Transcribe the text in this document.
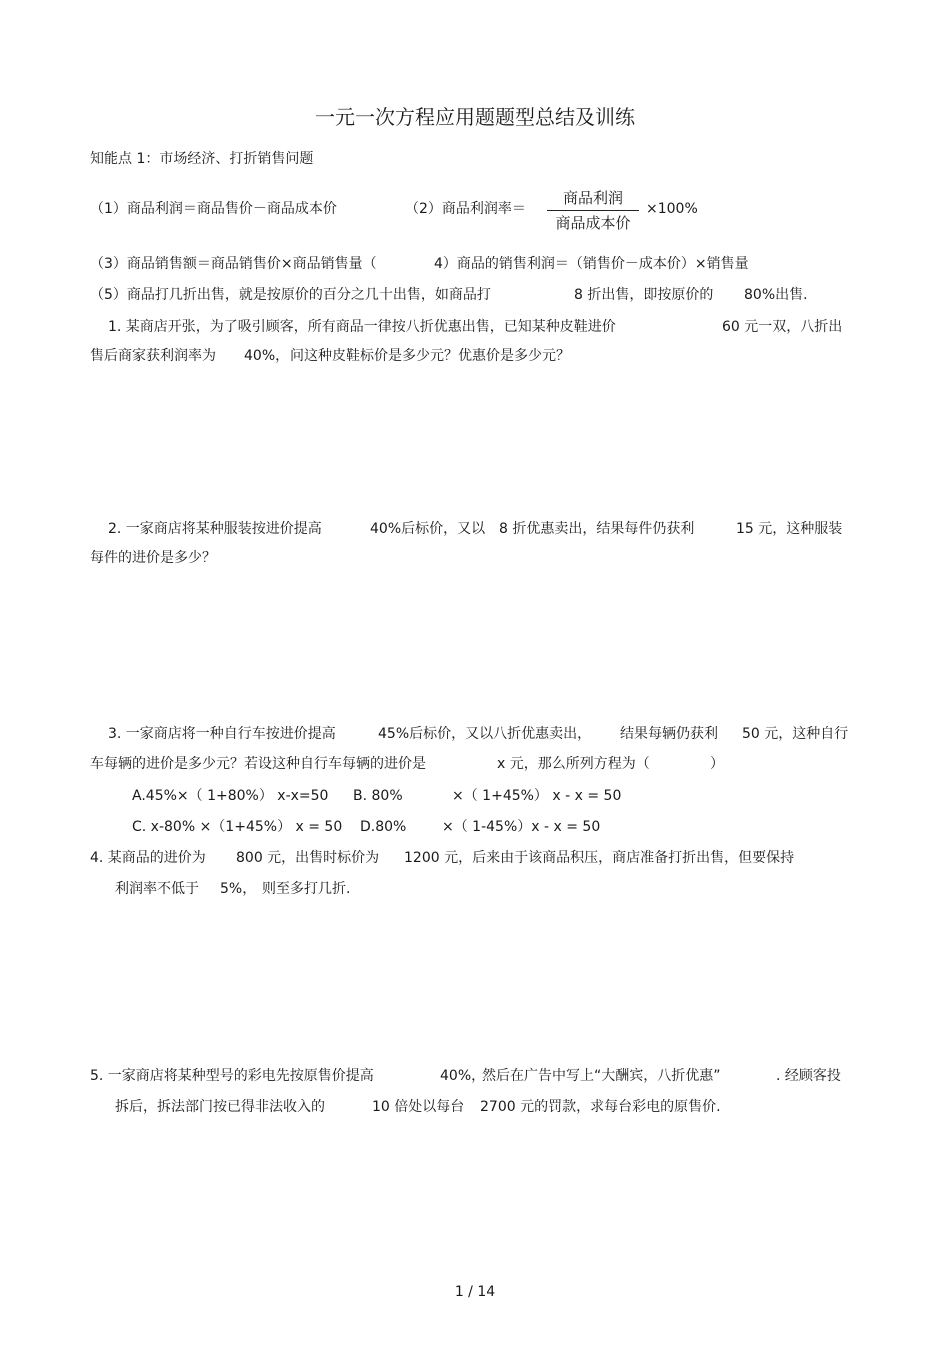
一元一次方程应用题题型总结及训练
知能点 1：市场经济、打折销售问题
（1）商品利润＝商品售价－商品成本价	（2）商品利润率＝
商品利润
商品成本价
×100%
（3）商品销售额＝商品销售价×商品销售量（	4）商品的销售利润＝（销售价－成本价）×销售量
（5）商品打几折出售，就是按原价的百分之几十出售，如商品打	8 折出售，即按原价的 80%出售.
1. 某商店开张，为了吸引顾客，所有商品一律按八折优惠出售，已知某种皮鞋进价	60 元一双，八折出
售后商家获利润率为 40%， 问这种皮鞋标价是多少元？优惠价是多少元？
2. 一家商店将某种服装按进价提高	40%后标价，又以 8 折优惠卖出，结果每件仍获利	15 元，这种服装
每件的进价是多少？
3. 一家商店将一种自行车按进价提高	45%后标价，又以八折优惠卖出， 结果每辆仍获利 50 元，这种自行
车每辆的进价是多少元？若设这种自行车每辆的进价是	x 元，那么所列方程为（	）
A.45%×（ 1+80%） x-x=50 B. 80%	×（ 1+45%） x - x = 50
C. x-80% ×（1+45%） x = 50 D.80%	×（ 1-45%）x - x = 50
4. 某商品的进价为 800 元，出售时标价为 1200 元，后来由于该商品积压，商店准备打折出售，但要保持
利润率不低于 5%， 则至多打几折.
5. 一家商店将某种型号的彩电先按原售价提高	40%，
然后在广告中写上“大酬宾，八折优惠”	. 经顾客投
拆后，拆法部门按已得非法收入的	10 倍处以每台 2700 元的罚款，求每台彩电的原售价.
1 / 14
